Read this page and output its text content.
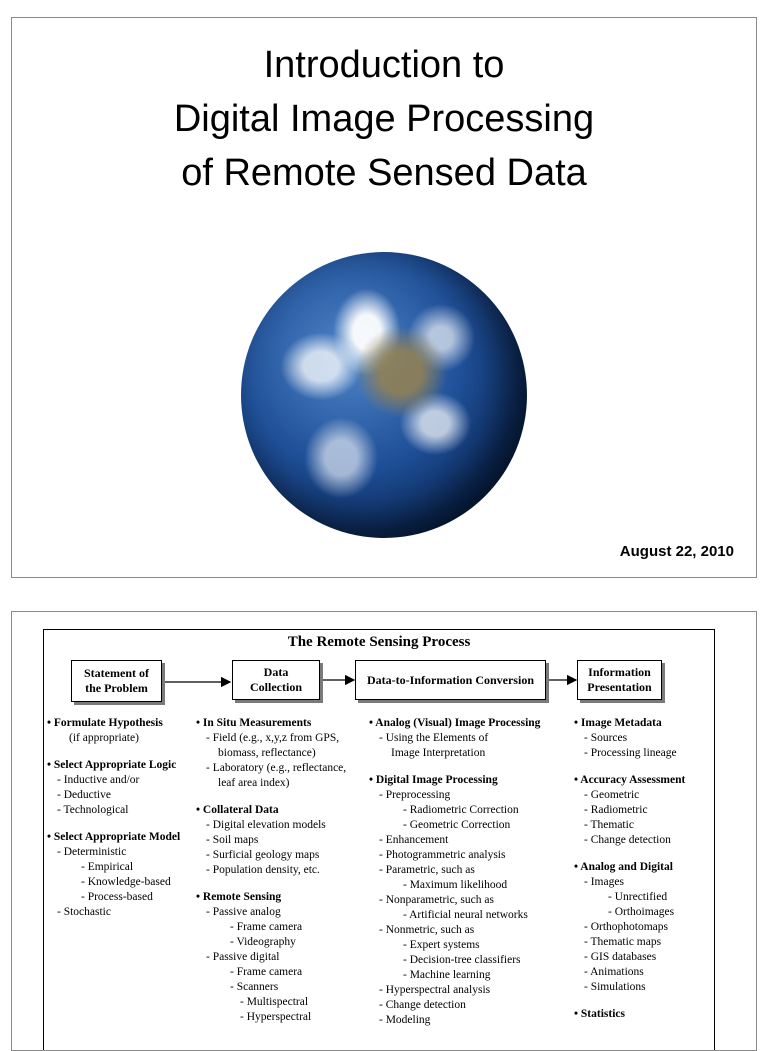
Introduction to
Digital Image Processing
of Remote Sensed Data
August 22, 2010
The Remote Sensing Process
Statement of
the Problem
Data
Collection
Data-to-Information Conversion
Information
Presentation
• Formulate Hypothesis
(if appropriate)
• Select Appropriate Logic
- Inductive and/or
- Deductive
- Technological
• Select Appropriate Model
- Deterministic
- Empirical
- Knowledge-based
- Process-based
- Stochastic
• In Situ Measurements
- Field (e.g., x,y,z from GPS,
biomass, reflectance)
- Laboratory (e.g., reflectance,
leaf area index)
• Collateral Data
- Digital elevation models
- Soil maps
- Surficial geology maps
- Population density, etc.
• Remote Sensing
- Passive analog
- Frame camera
- Videography
- Passive digital
- Frame camera
- Scanners
- Multispectral
- Hyperspectral
• Analog (Visual) Image Processing
- Using the Elements of
Image Interpretation
• Digital Image Processing
- Preprocessing
- Radiometric Correction
- Geometric Correction
- Enhancement
- Photogrammetric analysis
- Parametric, such as
- Maximum likelihood
- Nonparametric, such as
- Artificial neural networks
- Nonmetric, such as
- Expert systems
- Decision-tree classifiers
- Machine learning
- Hyperspectral analysis
- Change detection
- Modeling
• Image Metadata
- Sources
- Processing lineage
• Accuracy Assessment
- Geometric
- Radiometric
- Thematic
- Change detection
• Analog and Digital
- Images
- Unrectified
- Orthoimages
- Orthophotomaps
- Thematic maps
- GIS databases
- Animations
- Simulations
• Statistics
